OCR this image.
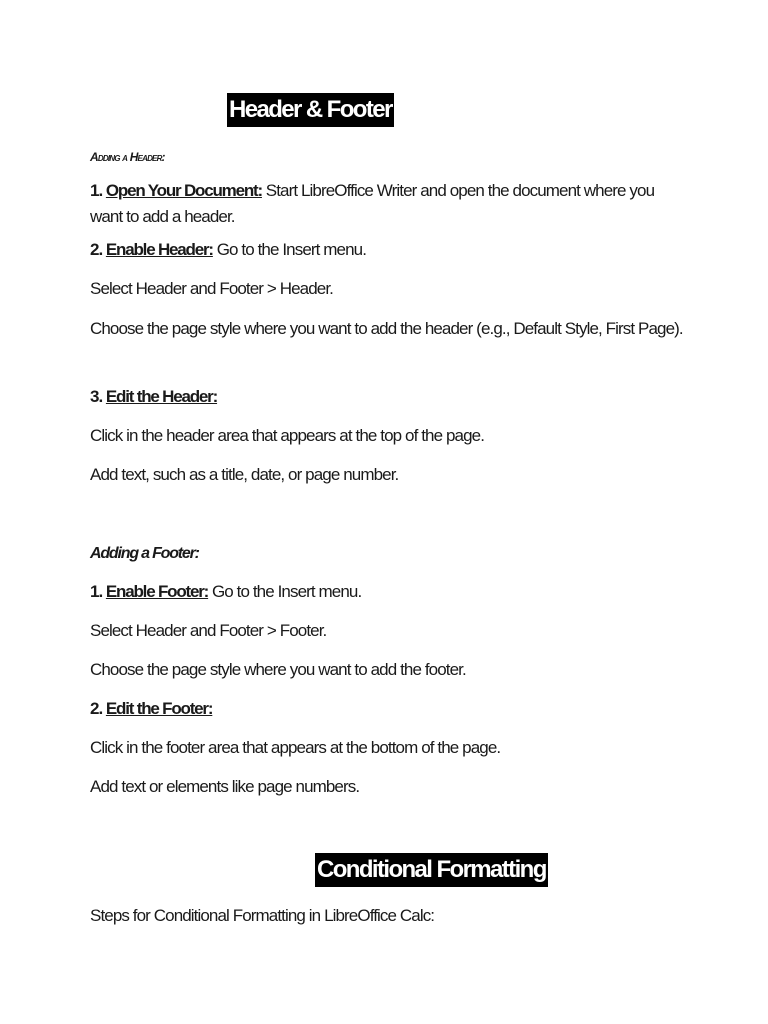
Header & Footer
Adding a Header:
1. Open Your Document: Start LibreOffice Writer and open the document where you want to add a header.
2. Enable Header: Go to the Insert menu.
Select Header and Footer > Header.
Choose the page style where you want to add the header (e.g., Default Style, First Page).
3. Edit the Header:
Click in the header area that appears at the top of the page.
Add text, such as a title, date, or page number.
Adding a Footer:
1. Enable Footer: Go to the Insert menu.
Select Header and Footer > Footer.
Choose the page style where you want to add the footer.
2. Edit the Footer:
Click in the footer area that appears at the bottom of the page.
Add text or elements like page numbers.
Conditional Formatting
Steps for Conditional Formatting in LibreOffice Calc:
